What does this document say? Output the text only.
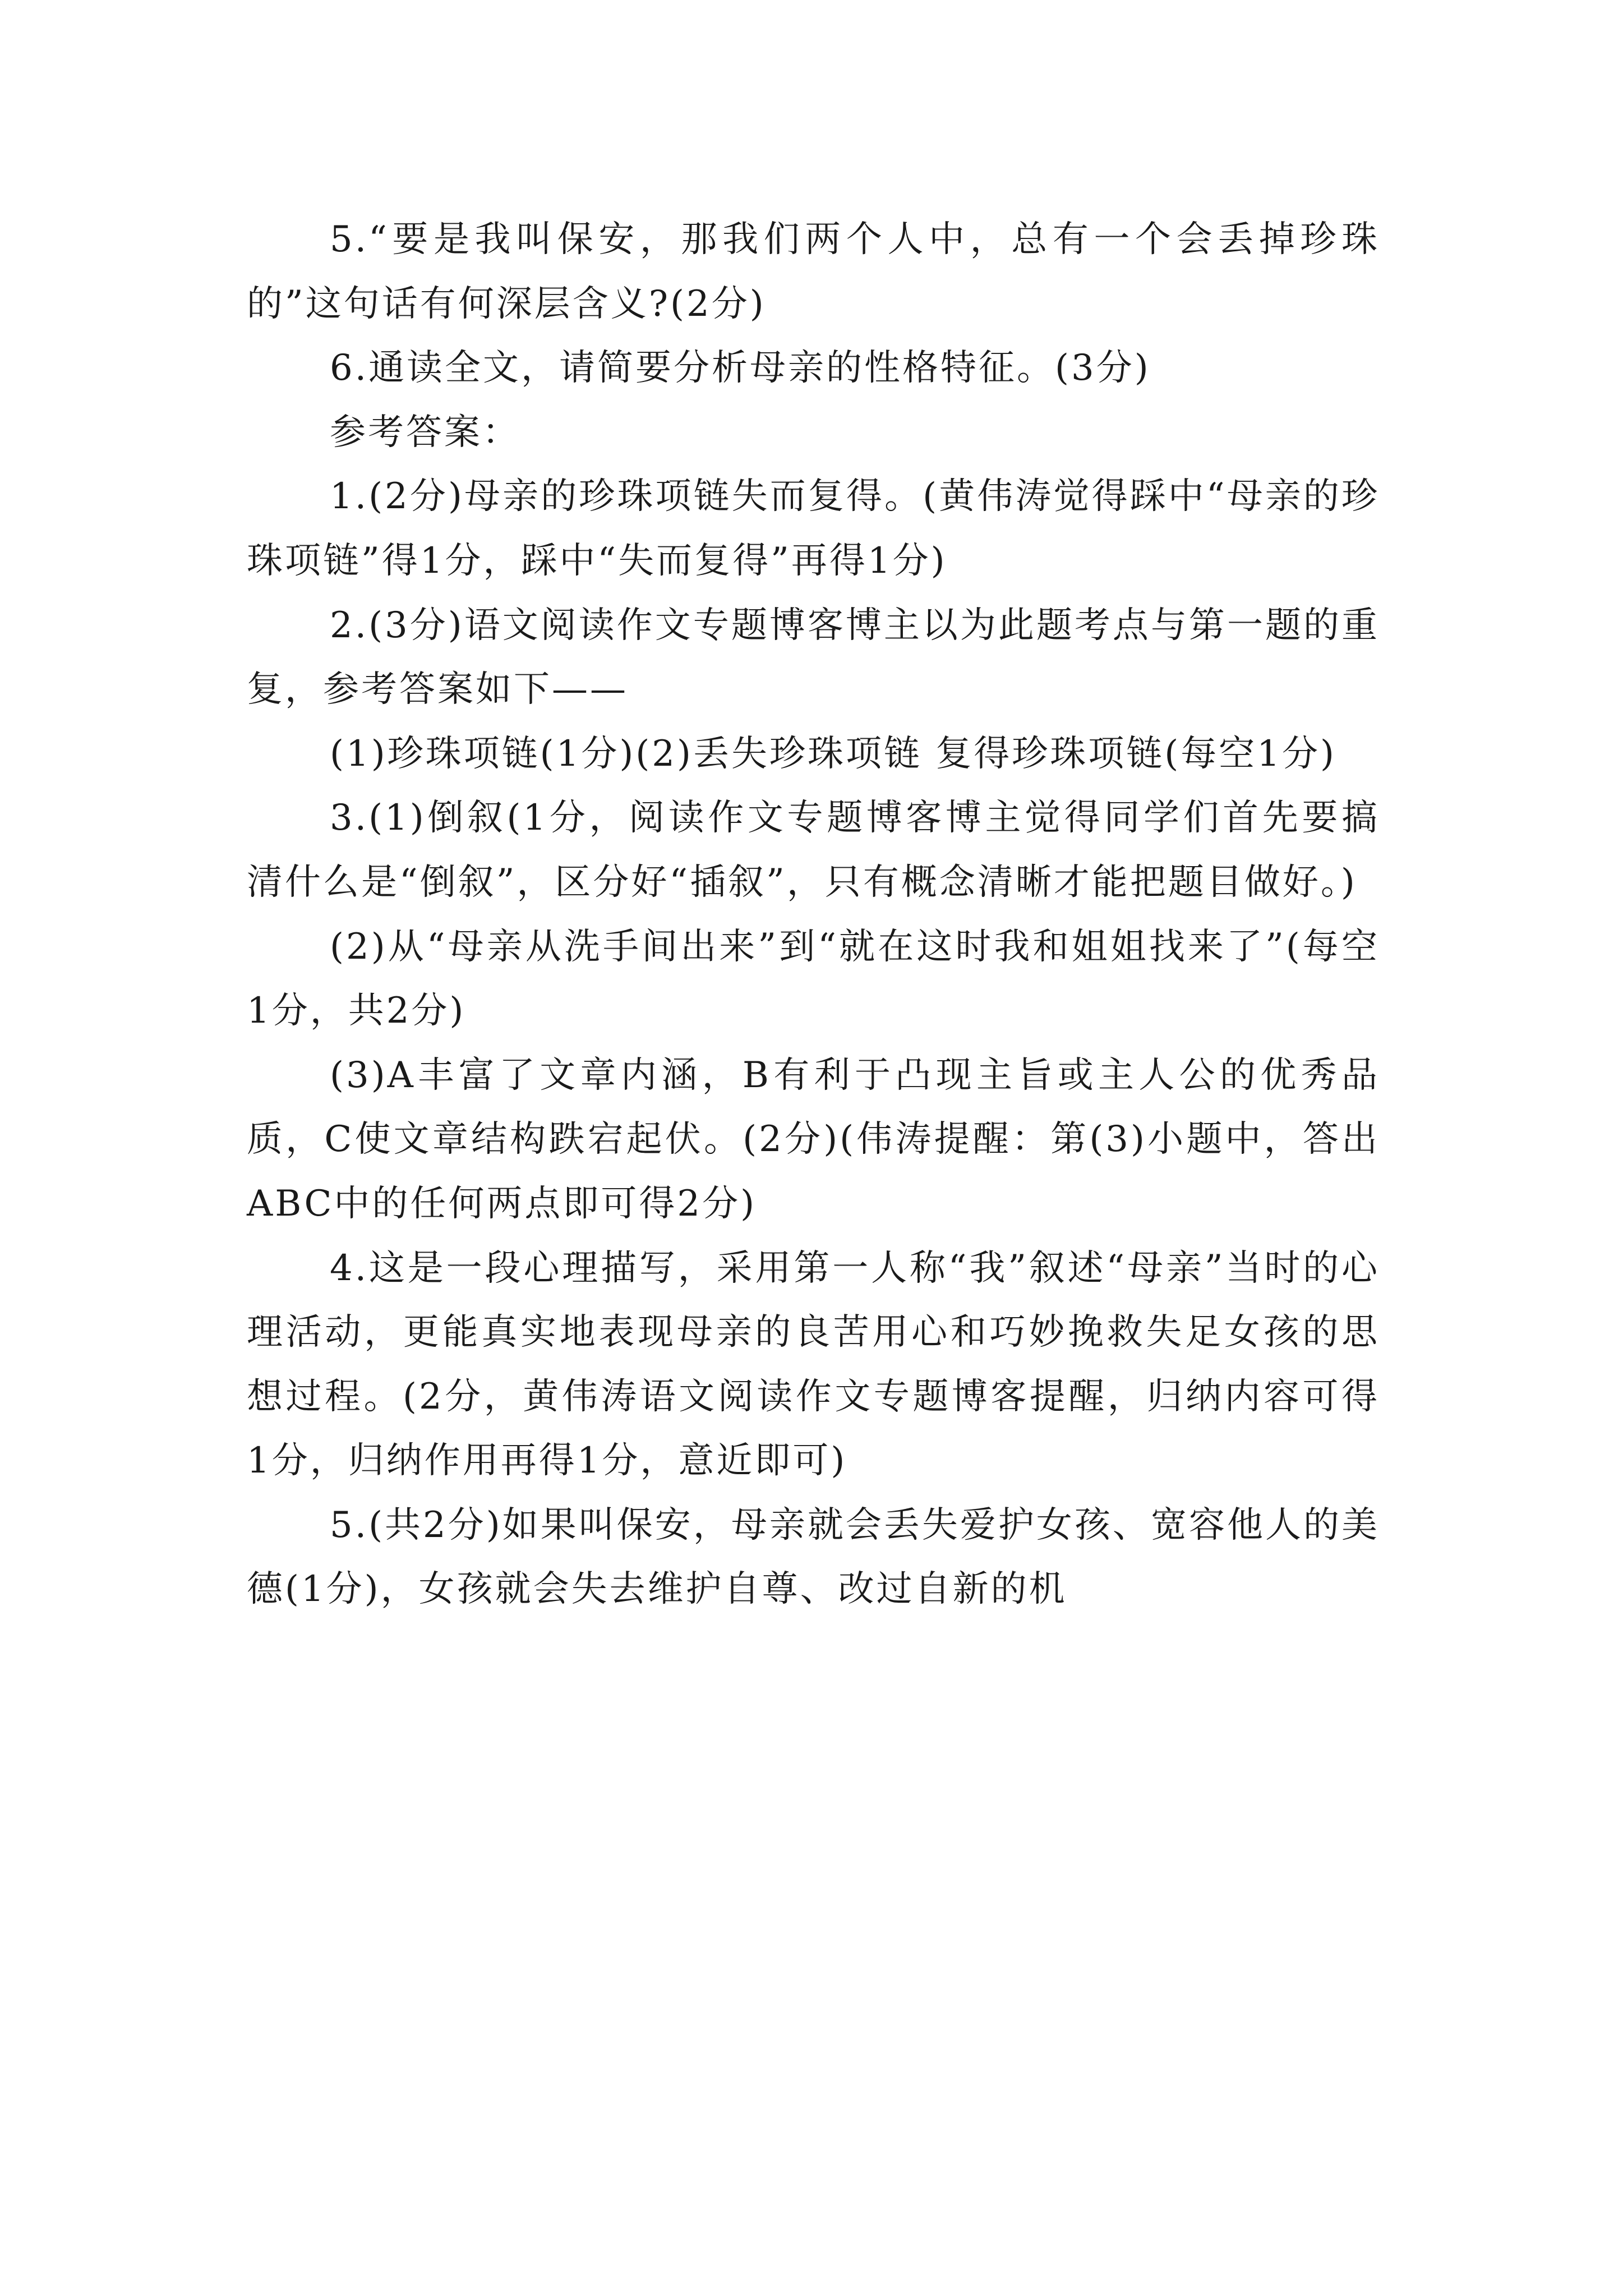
5.“要是我叫保安，那我们两个人中，总有一个会丢掉珍珠的”这句话有何深层含义?(2分)

6.通读全文，请简要分析母亲的性格特征。(3分)

参考答案：

1.(2分)母亲的珍珠项链失而复得。(黄伟涛觉得踩中“母亲的珍珠项链”得1分，踩中“失而复得”再得1分)

2.(3分)语文阅读作文专题博客博主以为此题考点与第一题的重复，参考答案如下——

(1)珍珠项链(1分)(2)丢失珍珠项链 复得珍珠项链(每空1分)

3.(1)倒叙(1分，阅读作文专题博客博主觉得同学们首先要搞清什么是“倒叙”，区分好“插叙”，只有概念清晰才能把题目做好。)

(2)从“母亲从洗手间出来”到“就在这时我和姐姐找来了”(每空1分，共2分)

(3)A丰富了文章内涵，B有利于凸现主旨或主人公的优秀品质，C使文章结构跌宕起伏。(2分)(伟涛提醒：第(3)小题中，答出ABC中的任何两点即可得2分)

4.这是一段心理描写，采用第一人称“我”叙述“母亲”当时的心理活动，更能真实地表现母亲的良苦用心和巧妙挽救失足女孩的思想过程。(2分，黄伟涛语文阅读作文专题博客提醒，归纳内容可得1分，归纳作用再得1分，意近即可)

5.(共2分)如果叫保安，母亲就会丢失爱护女孩、宽容他人的美德(1分)，女孩就会失去维护自尊、改过自新的机
